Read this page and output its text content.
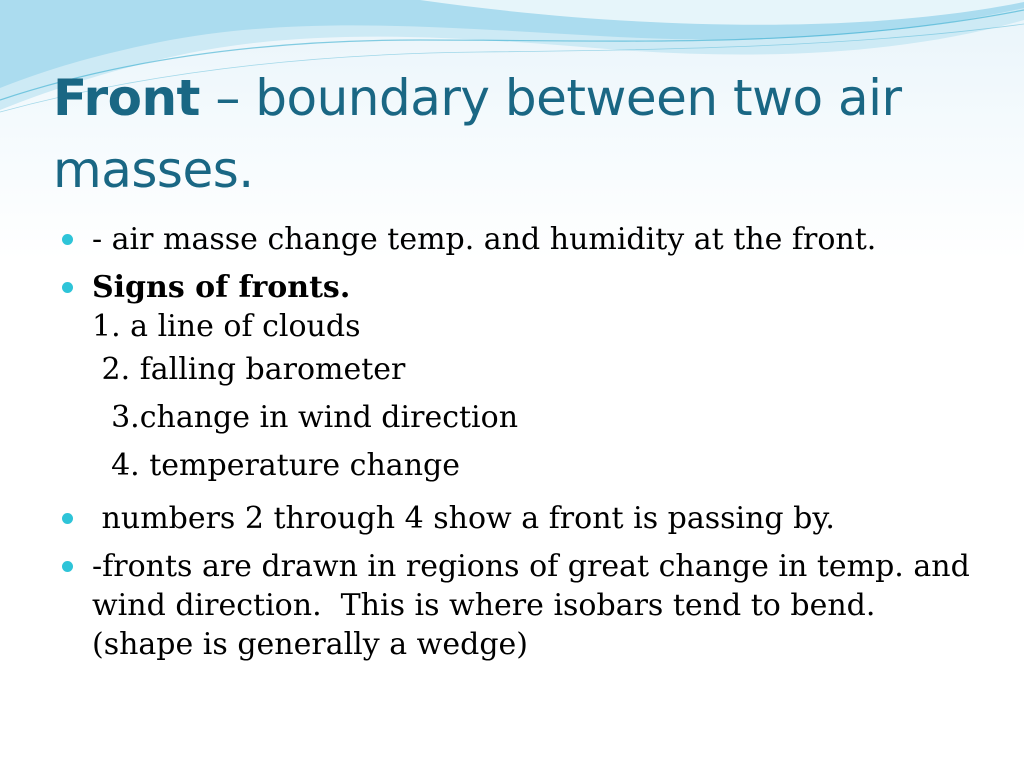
Front – boundary between two air masses.
- air masse change temp. and humidity at the front.
Signs of fronts.
1. a line of clouds
2. falling barometer
3.change in wind direction
4. temperature change
numbers 2 through 4 show a front is passing by.
-fronts are drawn in regions of great change in temp. and wind direction.  This is where isobars tend to bend. (shape is generally a wedge)
